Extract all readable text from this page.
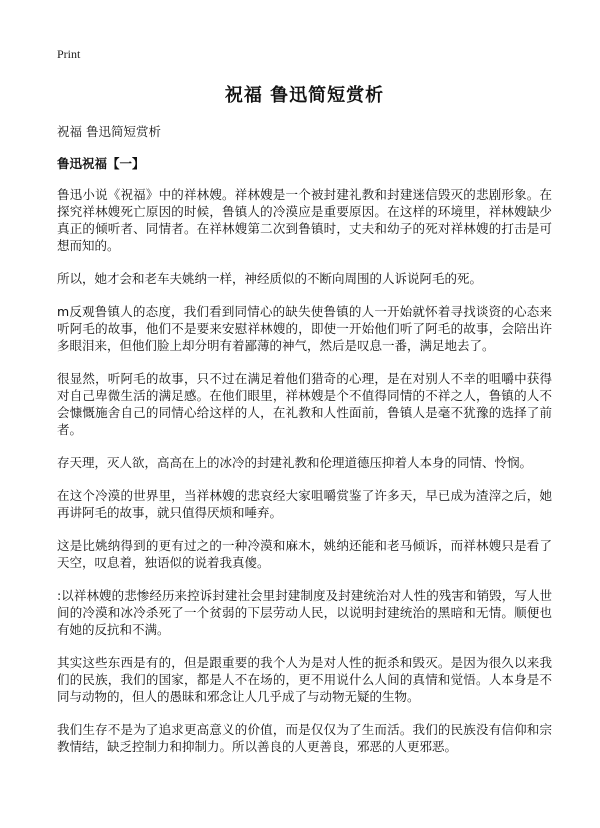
Print

祝福 鲁迅简短赏析

祝福 鲁迅简短赏析

鲁迅祝福【一】

鲁迅小说《祝福》中的祥林嫂。祥林嫂是一个被封建礼教和封建迷信毁灭的悲剧形象。在探究祥林嫂死亡原因的时候，鲁镇人的冷漠应是重要原因。在这样的环境里，祥林嫂缺少真正的倾听者、同情者。在祥林嫂第二次到鲁镇时，丈夫和幼子的死对祥林嫂的打击是可想而知的。

所以，她才会和老车夫姚纳一样，神经质似的不断向周围的人诉说阿毛的死。

m反观鲁镇人的态度，我们看到同情心的缺失使鲁镇的人一开始就怀着寻找谈资的心态来听阿毛的故事，他们不是要来安慰祥林嫂的，即使一开始他们听了阿毛的故事，会陪出许多眼泪来，但他们脸上却分明有着鄙薄的神气，然后是叹息一番，满足地去了。

很显然，听阿毛的故事，只不过在满足着他们猎奇的心理，是在对别人不幸的咀嚼中获得对自己卑微生活的满足感。在他们眼里，祥林嫂是个不值得同情的不祥之人，鲁镇的人不会慷慨施舍自己的同情心给这样的人，在礼教和人性面前，鲁镇人是毫不犹豫的选择了前者。

存天理，灭人欲，高高在上的冰冷的封建礼教和伦理道德压抑着人本身的同情、怜悯。

在这个冷漠的世界里，当祥林嫂的悲哀经大家咀嚼赏鉴了许多天，早已成为渣滓之后，她再讲阿毛的故事，就只值得厌烦和唾弃。

这是比姚纳得到的更有过之的一种冷漠和麻木，姚纳还能和老马倾诉，而祥林嫂只是看了天空，叹息着，独语似的说着我真傻。

:以祥林嫂的悲惨经历来控诉封建社会里封建制度及封建统治对人性的残害和销毁，写人世间的冷漠和冰冷杀死了一个贫弱的下层劳动人民，以说明封建统治的黑暗和无情。顺便也有她的反抗和不满。

其实这些东西是有的，但是跟重要的我个人为是对人性的扼杀和毁灭。是因为很久以来我们的民族，我们的国家，都是人不在场的，更不用说什么人间的真情和觉悟。人本身是不同与动物的，但人的愚昧和邪念让人几乎成了与动物无疑的生物。

我们生存不是为了追求更高意义的价值，而是仅仅为了生而活。我们的民族没有信仰和宗教情结，缺乏控制力和抑制力。所以善良的人更善良，邪恶的人更邪恶。
